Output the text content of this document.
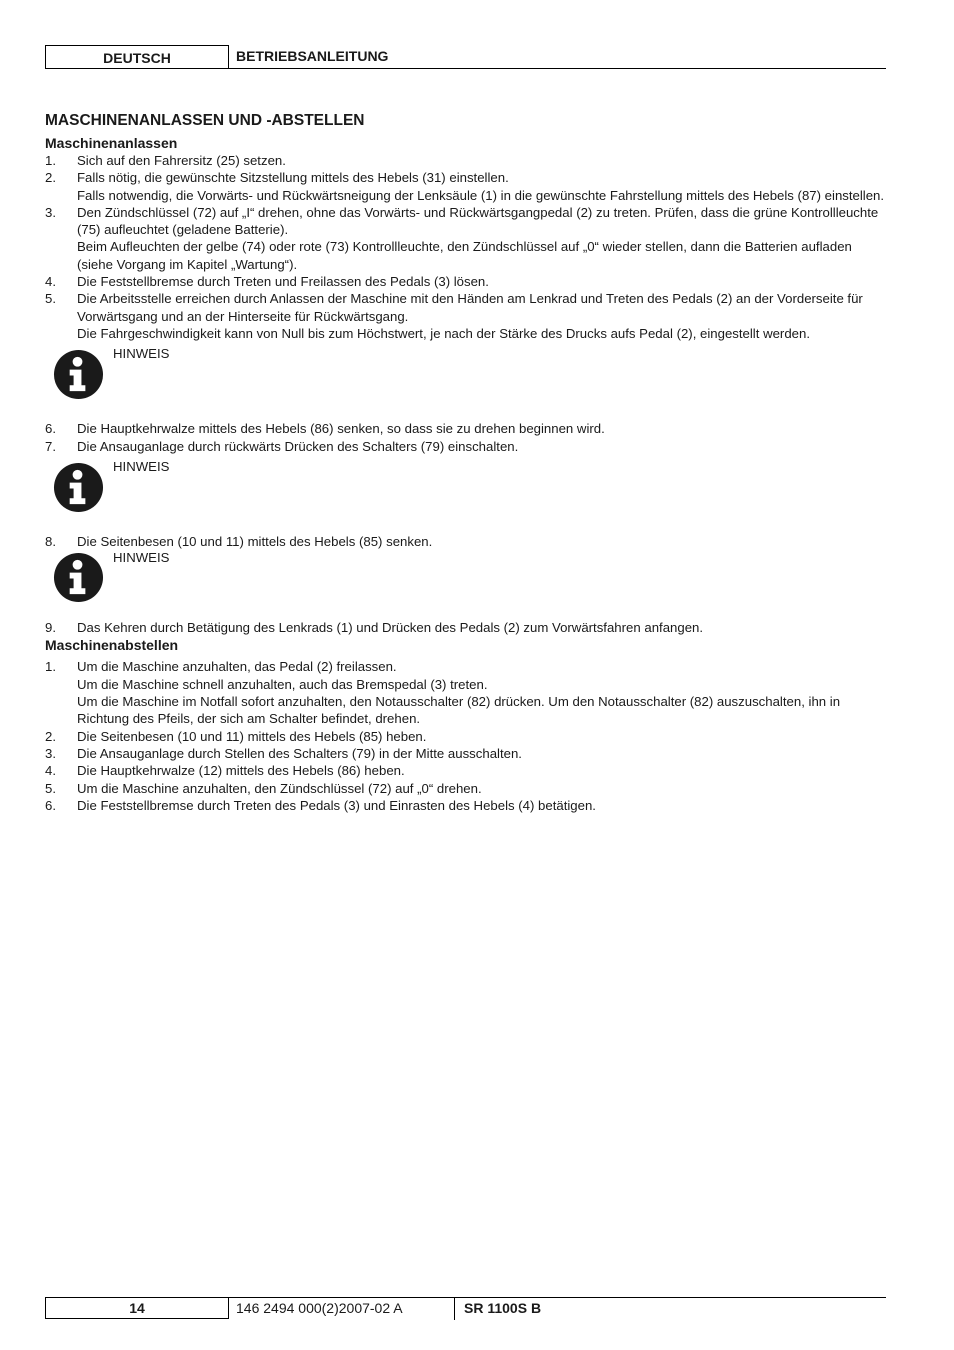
DEUTSCH	BETRIEBSANLEITUNG
MASCHINENANLASSEN UND -ABSTELLEN
Maschinenanlassen
1 . Sich auf den Fahrersitz (25) setzen.
2 . Falls nötig, die gewünschte Sitzstellung mittels des Hebels (31) einstellen.
Falls notwendig, die Vorwärts- und Rückwärtsneigung der Lenksäule (1) in die gewünschte Fahrstellung mittels des Hebels (87) einstellen.
3 . Den Zündschlüssel (72) auf „I“ drehen, ohne das Vorwärts- und Rückwärtsgangpedal (2) zu treten. Prüfen, dass die grüne Kontrollleuchte (75) aufleuchtet (geladene Batterie).
Beim Aufleuchten der gelbe (74) oder rote (73) Kontrollleuchte, den Zündschlüssel auf „0“ wieder stellen, dann die Batterien aufladen (siehe Vorgang im Kapitel „Wartung“).
4 . Die Feststellbremse durch Treten und Freilassen des Pedals (3) lösen.
5 . Die Arbeitsstelle erreichen durch Anlassen der Maschine mit den Händen am Lenkrad und Treten des Pedals (2) an der Vorderseite für Vorwärtsgang und an der Hinterseite für Rückwärtsgang.
Die Fahrgeschwindigkeit kann von Null bis zum Höchstwert, je nach der Stärke des Drucks aufs Pedal (2), eingestellt werden.
HINWEIS
6 . Die Hauptkehrwalze mittels des Hebels (86) senken, so dass sie zu drehen beginnen wird.
7 . Die Ansauganlage durch rückwärts Drücken des Schalters (79) einschalten.
HINWEIS
8 . Die Seitenbesen (10 und 11) mittels des Hebels (85) senken.
HINWEIS
9 . Das Kehren durch Betätigung des Lenkrads (1) und Drücken des Pedals (2) zum Vorwärtsfahren anfangen.
Maschinenabstellen
1 . Um die Maschine anzuhalten, das Pedal (2) freilassen.
Um die Maschine schnell anzuhalten, auch das Bremspedal (3) treten.
Um die Maschine im Notfall sofort anzuhalten, den Notausschalter (82) drücken. Um den Notausschalter (82) auszuschalten, ihn in Richtung des Pfeils, der sich am Schalter befindet, drehen.
2 . Die Seitenbesen (10 und 11) mittels des Hebels (85) heben.
3 . Die Ansauganlage durch Stellen des Schalters (79) in der Mitte ausschalten.
4 . Die Hauptkehrwalze (12) mittels des Hebels (86) heben.
5 . Um die Maschine anzuhalten, den Zündschlüssel (72) auf „0“ drehen.
6 . Die Feststellbremse durch Treten des Pedals (3) und Einrasten des Hebels (4) betätigen.
14	146 2494 000(2)2007-02 A	SR 1100S B
